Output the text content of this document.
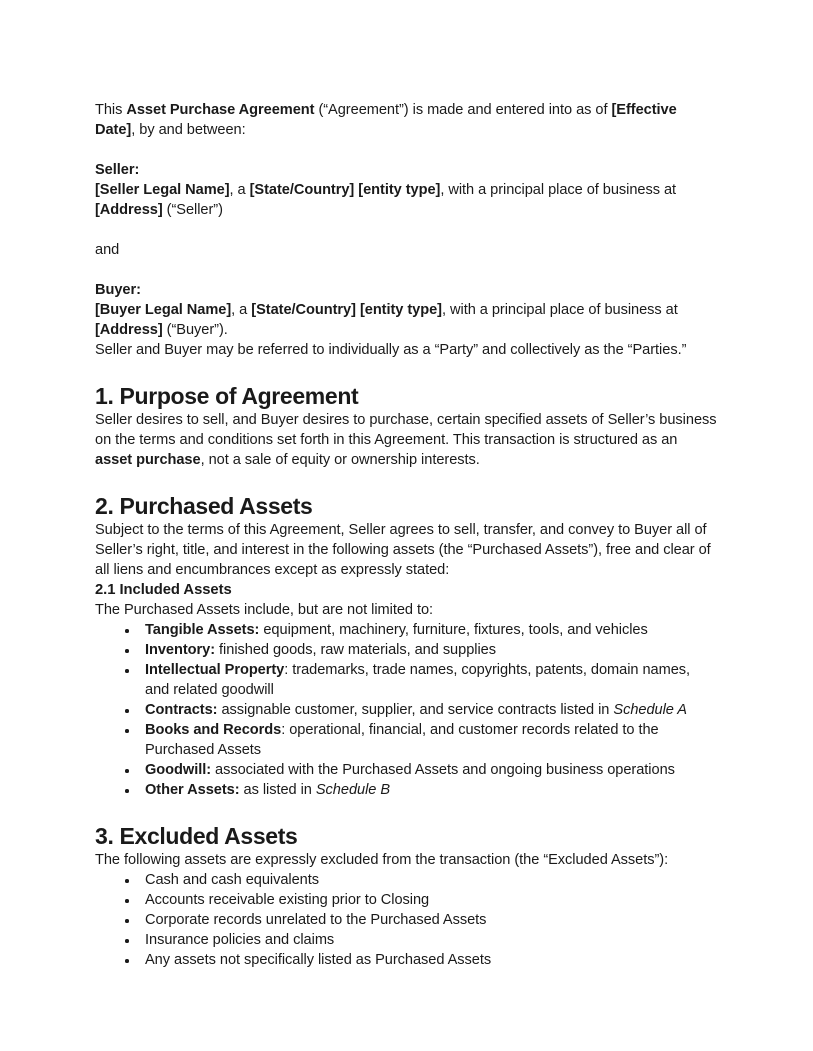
This Asset Purchase Agreement (“Agreement”) is made and entered into as of [Effective Date], by and between:

Seller:

[Seller Legal Name], a [State/Country] [entity type], with a principal place of business at [Address] (“Seller”)

and

Buyer:

[Buyer Legal Name], a [State/Country] [entity type], with a principal place of business at [Address] (“Buyer”).

Seller and Buyer may be referred to individually as a “Party” and collectively as the “Parties.”

1. Purpose of Agreement

Seller desires to sell, and Buyer desires to purchase, certain specified assets of Seller’s business on the terms and conditions set forth in this Agreement. This transaction is structured as an asset purchase, not a sale of equity or ownership interests.

2. Purchased Assets

Subject to the terms of this Agreement, Seller agrees to sell, transfer, and convey to Buyer all of Seller’s right, title, and interest in the following assets (the “Purchased Assets”), free and clear of all liens and encumbrances except as expressly stated:

2.1 Included Assets

The Purchased Assets include, but are not limited to:

Tangible Assets: equipment, machinery, furniture, fixtures, tools, and vehicles
Inventory: finished goods, raw materials, and supplies
Intellectual Property: trademarks, trade names, copyrights, patents, domain names, and related goodwill
Contracts: assignable customer, supplier, and service contracts listed in Schedule A
Books and Records: operational, financial, and customer records related to the Purchased Assets
Goodwill: associated with the Purchased Assets and ongoing business operations
Other Assets: as listed in Schedule B
3. Excluded Assets

The following assets are expressly excluded from the transaction (the “Excluded Assets”):

Cash and cash equivalents
Accounts receivable existing prior to Closing
Corporate records unrelated to the Purchased Assets
Insurance policies and claims
Any assets not specifically listed as Purchased Assets
